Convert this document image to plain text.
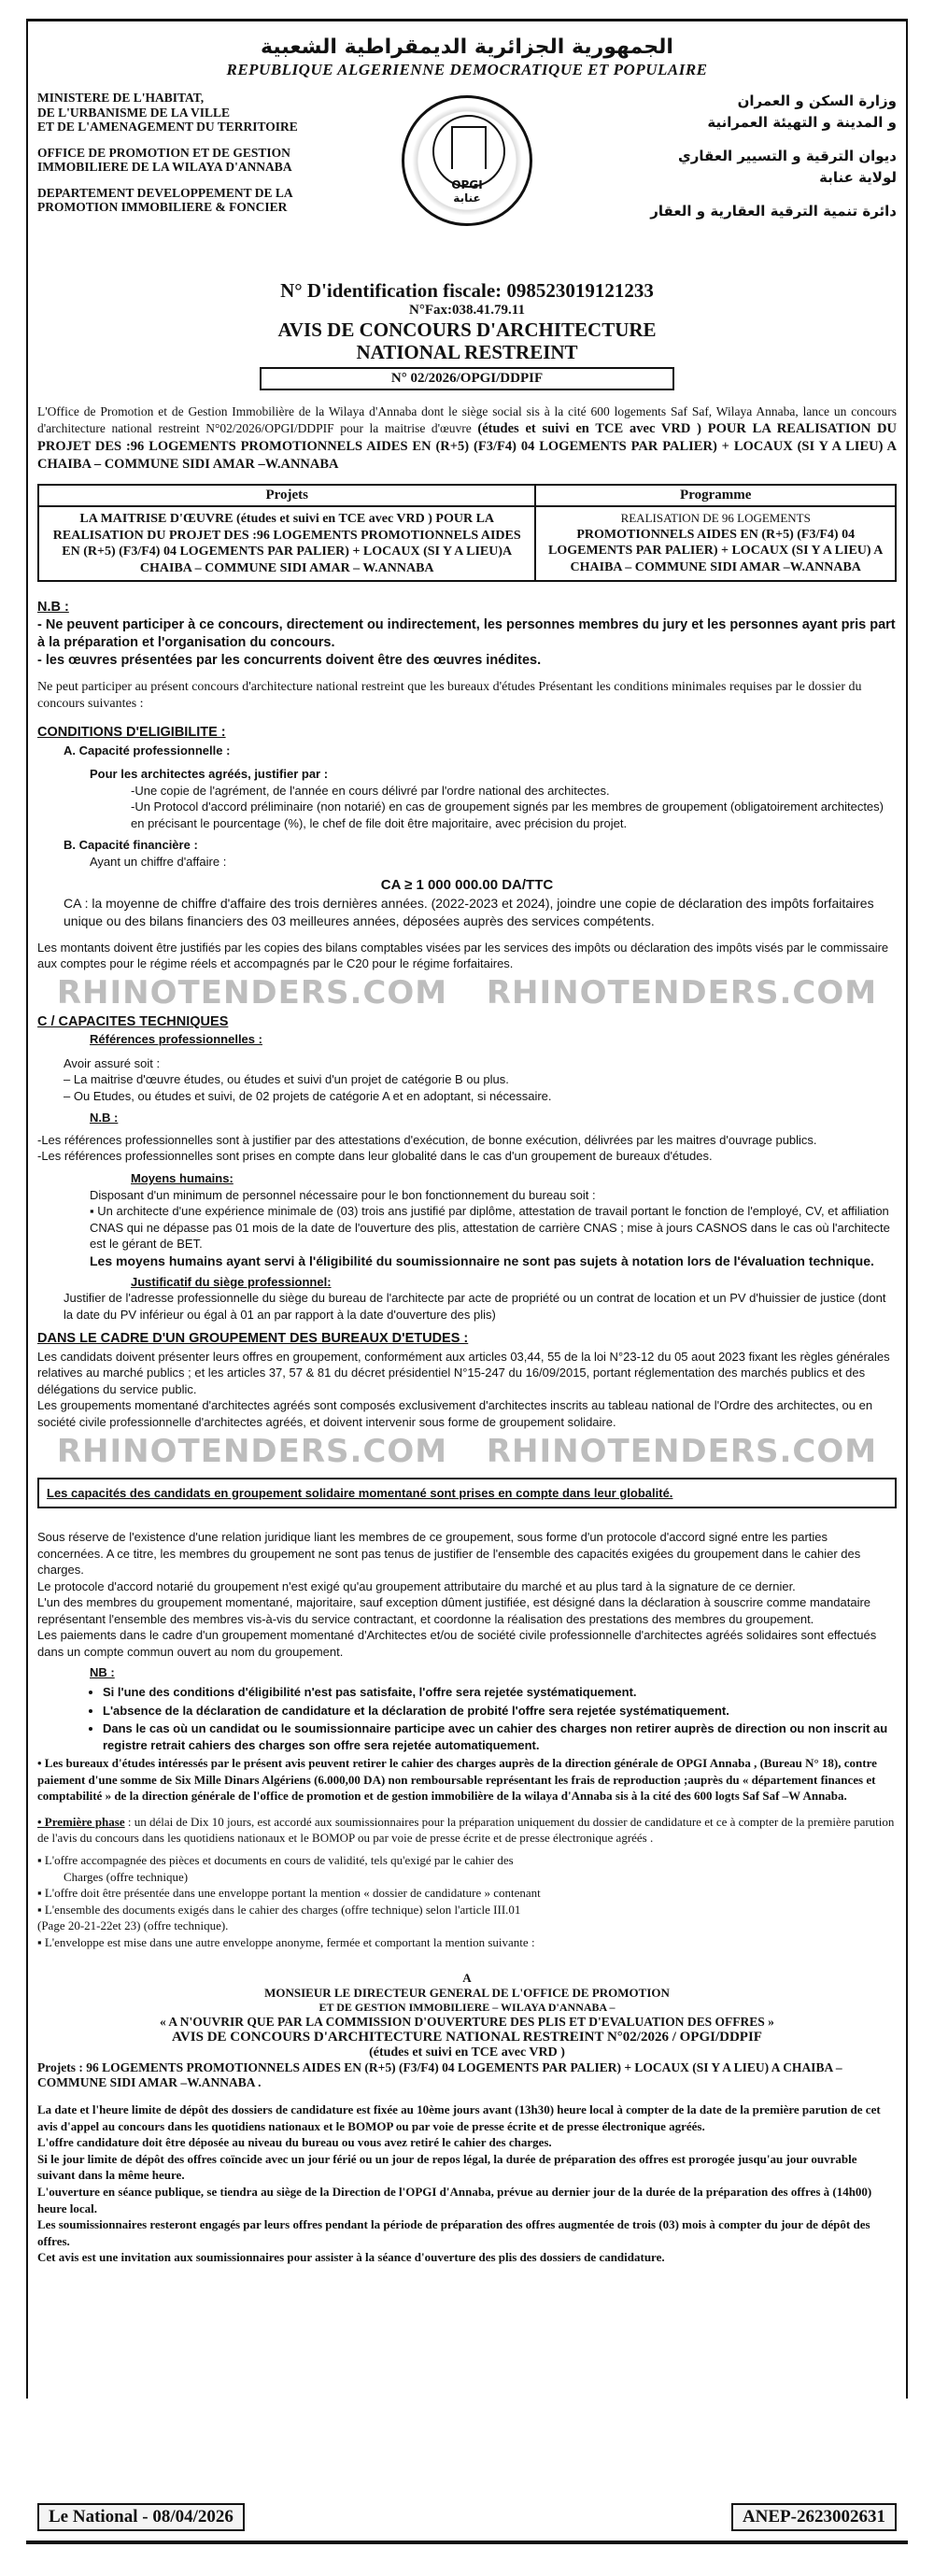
الجمهورية الجزائرية الديمقراطية الشعبية
REPUBLIQUE ALGERIENNE DEMOCRATIQUE ET POPULAIRE
MINISTERE DE L'HABITAT,
DE L'URBANISME DE LA VILLE
ET DE L'AMENAGEMENT DU TERRITOIRE
OFFICE DE PROMOTION ET DE GESTION
IMMOBILIERE DE LA WILAYA D'ANNABA
DEPARTEMENT DEVELOPPEMENT DE LA
PROMOTION IMMOBILIERE & FONCIER
OPGI
عنابة
وزارة السكن و العمران
و المدينة و التهيئة العمرانية
ديوان الترقية و التسيير العقاري
لولاية عنابة
دائرة تنمية الترقية العقارية و العقار
N° D'identification fiscale: 098523019121233
N°Fax:038.41.79.11
AVIS DE CONCOURS D'ARCHITECTURE
NATIONAL RESTREINT
N° 02/2026/OPGI/DDPIF
L'Office de Promotion et de Gestion Immobilière de la Wilaya d'Annaba dont le siège social sis à la cité 600 logements Saf Saf, Wilaya Annaba, lance un concours d'architecture national restreint N°02/2026/OPGI/DDPIF pour la maitrise d'œuvre (études et suivi en TCE avec VRD ) POUR LA REALISATION DU PROJET DES :96 LOGEMENTS PROMOTIONNELS AIDES EN (R+5) (F3/F4) 04 LOGEMENTS PAR PALIER) + LOCAUX (SI Y A LIEU) A CHAIBA – COMMUNE SIDI AMAR –W.ANNABA
Projets	Programme
LA MAITRISE D'ŒUVRE (études et suivi en TCE avec VRD ) POUR LA REALISATION DU PROJET DES :96 LOGEMENTS PROMOTIONNELS AIDES EN (R+5) (F3/F4) 04 LOGEMENTS PAR PALIER) + LOCAUX (SI Y A LIEU)A CHAIBA – COMMUNE SIDI AMAR – W.ANNABA	REALISATION DE 96 LOGEMENTS
PROMOTIONNELS AIDES EN (R+5) (F3/F4) 04 LOGEMENTS PAR PALIER) + LOCAUX (SI Y A LIEU) A CHAIBA – COMMUNE SIDI AMAR –W.ANNABA
N.B :
- Ne peuvent participer à ce concours, directement ou indirectement, les personnes membres du jury et les personnes ayant pris part à la préparation et l'organisation du concours.
- les œuvres présentées par les concurrents doivent être des œuvres inédites.
Ne peut participer au présent concours d'architecture national restreint que les bureaux d'études Présentant les conditions minimales requises par le dossier du concours suivantes :
CONDITIONS D'ELIGIBILITE :
A. Capacité professionnelle :
Pour les architectes agréés, justifier par :
-Une copie de l'agrément, de l'année en cours délivré par l'ordre national des architectes.
-Un Protocol d'accord préliminaire (non notarié) en cas de groupement signés par les membres de groupement (obligatoirement architectes) en précisant le pourcentage (%), le chef de file doit être majoritaire, avec précision du projet.
B. Capacité financière :
Ayant un chiffre d'affaire :
CA ≥ 1 000 000.00 DA/TTC
CA : la moyenne de chiffre d'affaire des trois dernières années. (2022-2023 et 2024), joindre une copie de déclaration des impôts forfaitaires unique ou des bilans financiers des 03 meilleures années, déposées auprès des services compétents.
Les montants doivent être justifiés par les copies des bilans comptables visées par les services des impôts ou déclaration des impôts visés par le commissaire aux comptes pour le régime réels et accompagnés par le C20 pour le régime forfaitaires.
RHINOTENDERS.COM RHINOTENDERS.COM
C / CAPACITES TECHNIQUES
Références professionnelles :
Avoir assuré soit :
– La maitrise d'œuvre études, ou études et suivi d'un projet de catégorie B ou plus.
– Ou Etudes, ou études et suivi, de 02 projets de catégorie A et en adoptant, si nécessaire.
N.B :
-Les références professionnelles sont à justifier par des attestations d'exécution, de bonne exécution, délivrées par les maitres d'ouvrage publics.
-Les références professionnelles sont prises en compte dans leur globalité dans le cas d'un groupement de bureaux d'études.
Moyens humains:
Disposant d'un minimum de personnel nécessaire pour le bon fonctionnement du bureau soit :
▪ Un architecte d'une expérience minimale de (03) trois ans justifié par diplôme, attestation de travail portant le fonction de l'employé, CV, et affiliation CNAS qui ne dépasse pas 01 mois de la date de l'ouverture des plis, attestation de carrière CNAS ; mise à jours CASNOS dans le cas où l'architecte est le gérant de BET.
Les moyens humains ayant servi à l'éligibilité du soumissionnaire ne sont pas sujets à notation lors de l'évaluation technique.
Justificatif du siège professionnel:
Justifier de l'adresse professionnelle du siège du bureau de l'architecte par acte de propriété ou un contrat de location et un PV d'huissier de justice (dont la date du PV inférieur ou égal à 01 an par rapport à la date d'ouverture des plis)
DANS LE CADRE D'UN GROUPEMENT DES BUREAUX D'ETUDES :
Les candidats doivent présenter leurs offres en groupement, conformément aux articles 03,44, 55 de la loi N°23-12 du 05 aout 2023 fixant les règles générales relatives au marché publics ; et les articles 37, 57 & 81 du décret présidentiel N°15-247 du 16/09/2015, portant réglementation des marchés publics et des délégations du service public.
Les groupements momentané d'architectes agréés sont composés exclusivement d'architectes inscrits au tableau national de l'Ordre des architectes, ou en société civile professionnelle d'architectes agréés, et doivent intervenir sous forme de groupement solidaire.
RHINOTENDERS.COM RHINOTENDERS.COM
Les capacités des candidats en groupement solidaire momentané sont prises en compte dans leur globalité.
Sous réserve de l'existence d'une relation juridique liant les membres de ce groupement, sous forme d'un protocole d'accord signé entre les parties concernées. A ce titre, les membres du groupement ne sont pas tenus de justifier de l'ensemble des capacités exigées du groupement dans le cahier des charges.
Le protocole d'accord notarié du groupement n'est exigé qu'au groupement attributaire du marché et au plus tard à la signature de ce dernier.
L'un des membres du groupement momentané, majoritaire, sauf exception dûment justifiée, est désigné dans la déclaration à souscrire comme mandataire représentant l'ensemble des membres vis-à-vis du service contractant, et coordonne la réalisation des prestations des membres du groupement.
Les paiements dans le cadre d'un groupement momentané d'Architectes et/ou de société civile professionnelle d'architectes agréés solidaires sont effectués dans un compte commun ouvert au nom du groupement.
NB :
• Si l'une des conditions d'éligibilité n'est pas satisfaite, l'offre sera rejetée systématiquement.
• L'absence de la déclaration de candidature et la déclaration de probité l'offre sera rejetée systématiquement.
• Dans le cas où un candidat ou le soumissionnaire participe avec un cahier des charges non retirer auprès de direction ou non inscrit au registre retrait cahiers des charges son offre sera rejetée automatiquement.
• Les bureaux d'études intéressés par le présent avis peuvent retirer le cahier des charges auprès de la direction générale de OPGI Annaba , (Bureau N° 18), contre paiement d'une somme de Six Mille Dinars Algériens (6.000,00 DA) non remboursable représentant les frais de reproduction ;auprès du « département finances et comptabilité » de la direction générale de l'office de promotion et de gestion immobilière de la wilaya d'Annaba sis à la cité des 600 logts Saf Saf –W Annaba.
• Première phase : un délai de Dix 10 jours, est accordé aux soumissionnaires pour la préparation uniquement du dossier de candidature et ce à compter de la première parution de l'avis du concours dans les quotidiens nationaux et le BOMOP ou par voie de presse écrite et de presse électronique agréés .
▪ L'offre accompagnée des pièces et documents en cours de validité, tels qu'exigé par le cahier des
Charges (offre technique)
▪ L'offre doit être présentée dans une enveloppe portant la mention « dossier de candidature » contenant
▪ L'ensemble des documents exigés dans le cahier des charges (offre technique) selon l'article III.01
(Page 20-21-22et 23) (offre technique).
▪ L'enveloppe est mise dans une autre enveloppe anonyme, fermée et comportant la mention suivante :
A
MONSIEUR LE DIRECTEUR GENERAL DE L'OFFICE DE PROMOTION
ET DE GESTION IMMOBILIERE – WILAYA D'ANNABA –
« A N'OUVRIR QUE PAR LA COMMISSION D'OUVERTURE DES PLIS ET D'EVALUATION DES OFFRES »
AVIS DE CONCOURS D'ARCHITECTURE NATIONAL RESTREINT N°02/2026 / OPGI/DDPIF
(études et suivi en TCE avec VRD )
Projets : 96 LOGEMENTS PROMOTIONNELS AIDES EN (R+5) (F3/F4) 04 LOGEMENTS PAR PALIER) + LOCAUX (SI Y A LIEU) A CHAIBA – COMMUNE SIDI AMAR –W.ANNABA .
La date et l'heure limite de dépôt des dossiers de candidature est fixée au 10ème jours avant (13h30) heure local à compter de la date de la première parution de cet avis d'appel au concours dans les quotidiens nationaux et le BOMOP ou par voie de presse écrite et de presse électronique agréés.
L'offre candidature doit être déposée au niveau du bureau ou vous avez retiré le cahier des charges.
Si le jour limite de dépôt des offres coïncide avec un jour férié ou un jour de repos légal, la durée de préparation des offres est prorogée jusqu'au jour ouvrable suivant dans la même heure.
L'ouverture en séance publique, se tiendra au siège de la Direction de l'OPGI d'Annaba, prévue au dernier jour de la durée de la préparation des offres à (14h00) heure local.
Les soumissionnaires resteront engagés par leurs offres pendant la période de préparation des offres augmentée de trois (03) mois à compter du jour de dépôt des offres.
Cet avis est une invitation aux soumissionnaires pour assister à la séance d'ouverture des plis des dossiers de candidature.
Le National - 08/04/2026	ANEP-2623002631
